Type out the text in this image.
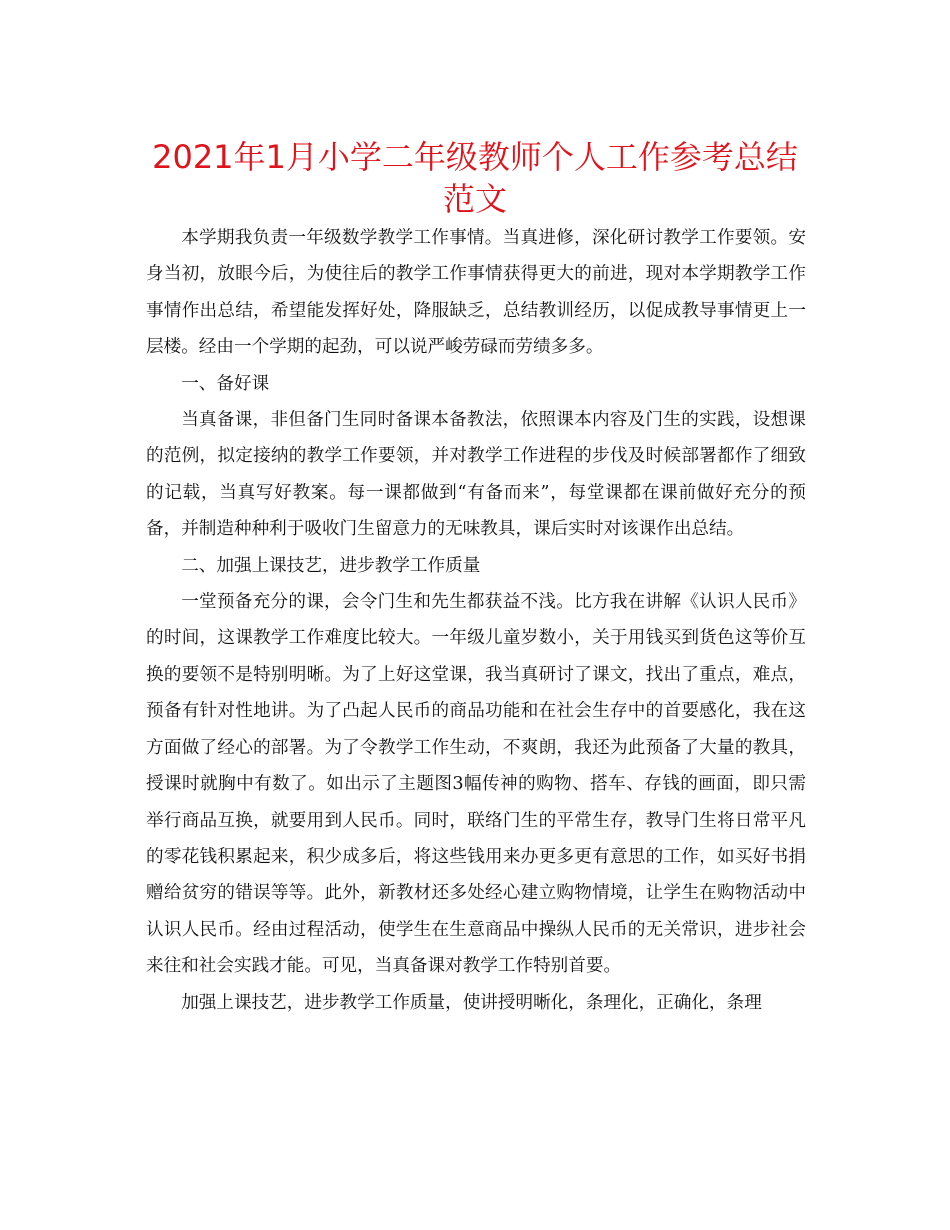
2021年1月小学二年级教师个人工作参考总结
范文

本学期我负责一年级数学教学工作事情。当真进修，深化研讨教学工作要领。安身当初，放眼今后，为使往后的教学工作事情获得更大的前进，现对本学期教学工作事情作出总结，希望能发挥好处，降服缺乏，总结教训经历，以促成教导事情更上一层楼。经由一个学期的起劲，可以说严峻劳碌而劳绩多多。

一、备好课

当真备课，非但备门生同时备课本备教法，依照课本内容及门生的实践，设想课的范例，拟定接纳的教学工作要领，并对教学工作进程的步伐及时候部署都作了细致的记载，当真写好教案。每一课都做到“有备而来”，每堂课都在课前做好充分的预备，并制造种种利于吸收门生留意力的无味教具，课后实时对该课作出总结。

二、加强上课技艺，进步教学工作质量

一堂预备充分的课，会令门生和先生都获益不浅。比方我在讲解《认识人民币》的时间，这课教学工作难度比较大。一年级儿童岁数小，关于用钱买到货色这等价互换的要领不是特别明晰。为了上好这堂课，我当真研讨了课文，找出了重点，难点，预备有针对性地讲。为了凸起人民币的商品功能和在社会生存中的首要感化，我在这方面做了经心的部署。为了令教学工作生动，不爽朗，我还为此预备了大量的教具，授课时就胸中有数了。如出示了主题图3幅传神的购物、搭车、存钱的画面，即只需举行商品互换，就要用到人民币。同时，联络门生的平常生存，教导门生将日常平凡的零花钱积累起来，积少成多后，将这些钱用来办更多更有意思的工作，如买好书捐赠给贫穷的错误等等。此外，新教材还多处经心建立购物情境，让学生在购物活动中认识人民币。经由过程活动，使学生在生意商品中操纵人民币的无关常识，进步社会来往和社会实践才能。可见，当真备课对教学工作特别首要。

加强上课技艺，进步教学工作质量，使讲授明晰化，条理化，正确化，条理
